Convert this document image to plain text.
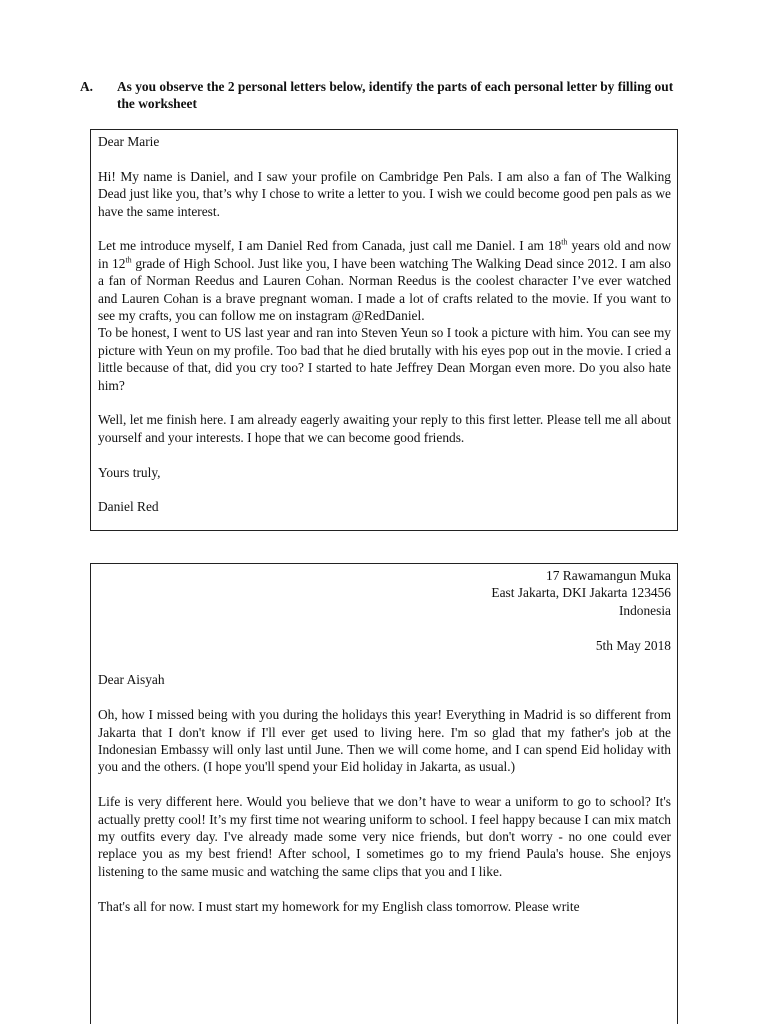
A. As you observe the 2 personal letters below, identify the parts of each personal letter by filling out the worksheet

Dear Marie

Hi! My name is Daniel, and I saw your profile on Cambridge Pen Pals. I am also a fan of The Walking Dead just like you, that’s why I chose to write a letter to you. I wish we could become good pen pals as we have the same interest.

Let me introduce myself, I am Daniel Red from Canada, just call me Daniel. I am 18th years old and now in 12th grade of High School. Just like you, I have been watching The Walking Dead since 2012. I am also a fan of Norman Reedus and Lauren Cohan. Norman Reedus is the coolest character I’ve ever watched and Lauren Cohan is a brave pregnant woman. I made a lot of crafts related to the movie. If you want to see my crafts, you can follow me on instagram @RedDaniel.

To be honest, I went to US last year and ran into Steven Yeun so I took a picture with him. You can see my picture with Yeun on my profile. Too bad that he died brutally with his eyes pop out in the movie. I cried a little because of that, did you cry too? I started to hate Jeffrey Dean Morgan even more. Do you also hate him?

Well, let me finish here. I am already eagerly awaiting your reply to this first letter. Please tell me all about yourself and your interests. I hope that we can become good friends.

Yours truly,

Daniel Red

17 Rawamangun Muka
East Jakarta, DKI Jakarta 123456
Indonesia
5th May 2018

Dear Aisyah

Oh, how I missed being with you during the holidays this year! Everything in Madrid is so different from Jakarta that I don't know if I'll ever get used to living here. I'm so glad that my father's job at the Indonesian Embassy will only last until June. Then we will come home, and I can spend Eid holiday with you and the others. (I hope you'll spend your Eid holiday in Jakarta, as usual.)

Life is very different here. Would you believe that we don’t have to wear a uniform to go to school? It's actually pretty cool! It’s my first time not wearing uniform to school. I feel happy because I can mix match my outfits every day. I've already made some very nice friends, but don't worry - no one could ever replace you as my best friend! After school, I sometimes go to my friend Paula's house. She enjoys listening to the same music and watching the same clips that you and I like.

That's all for now. I must start my homework for my English class tomorrow. Please write
